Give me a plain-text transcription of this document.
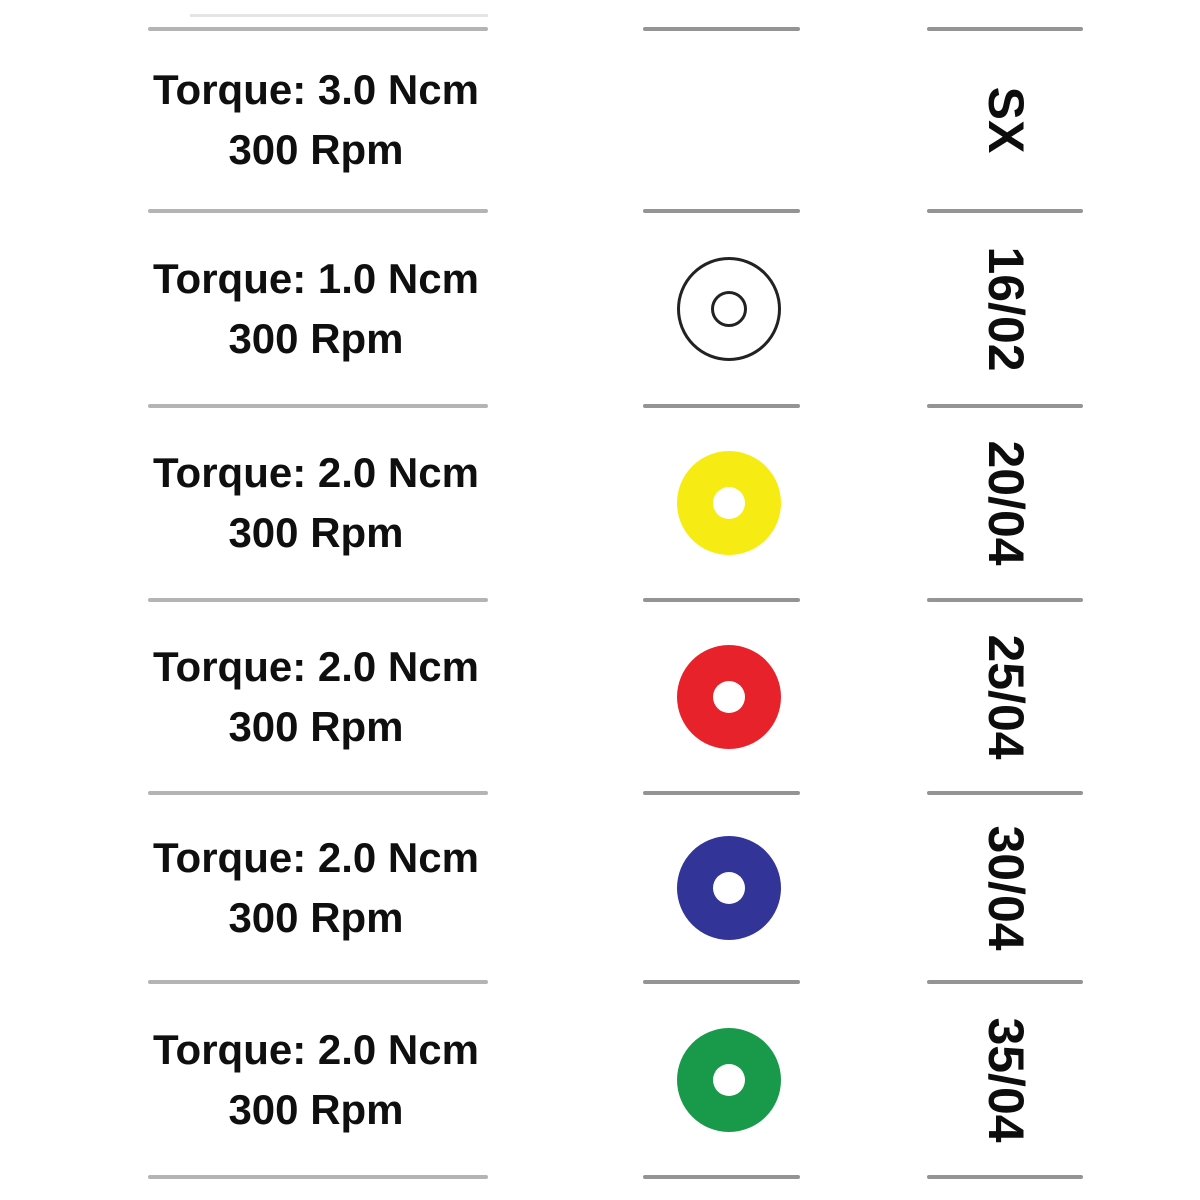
Torque: 3.0 Ncm
300 Rpm	SX
Torque: 1.0 Ncm
300 Rpm	16/02
Torque: 2.0 Ncm
300 Rpm	20/04
Torque: 2.0 Ncm
300 Rpm	25/04
Torque: 2.0 Ncm
300 Rpm	30/04
Torque: 2.0 Ncm
300 Rpm	35/04
